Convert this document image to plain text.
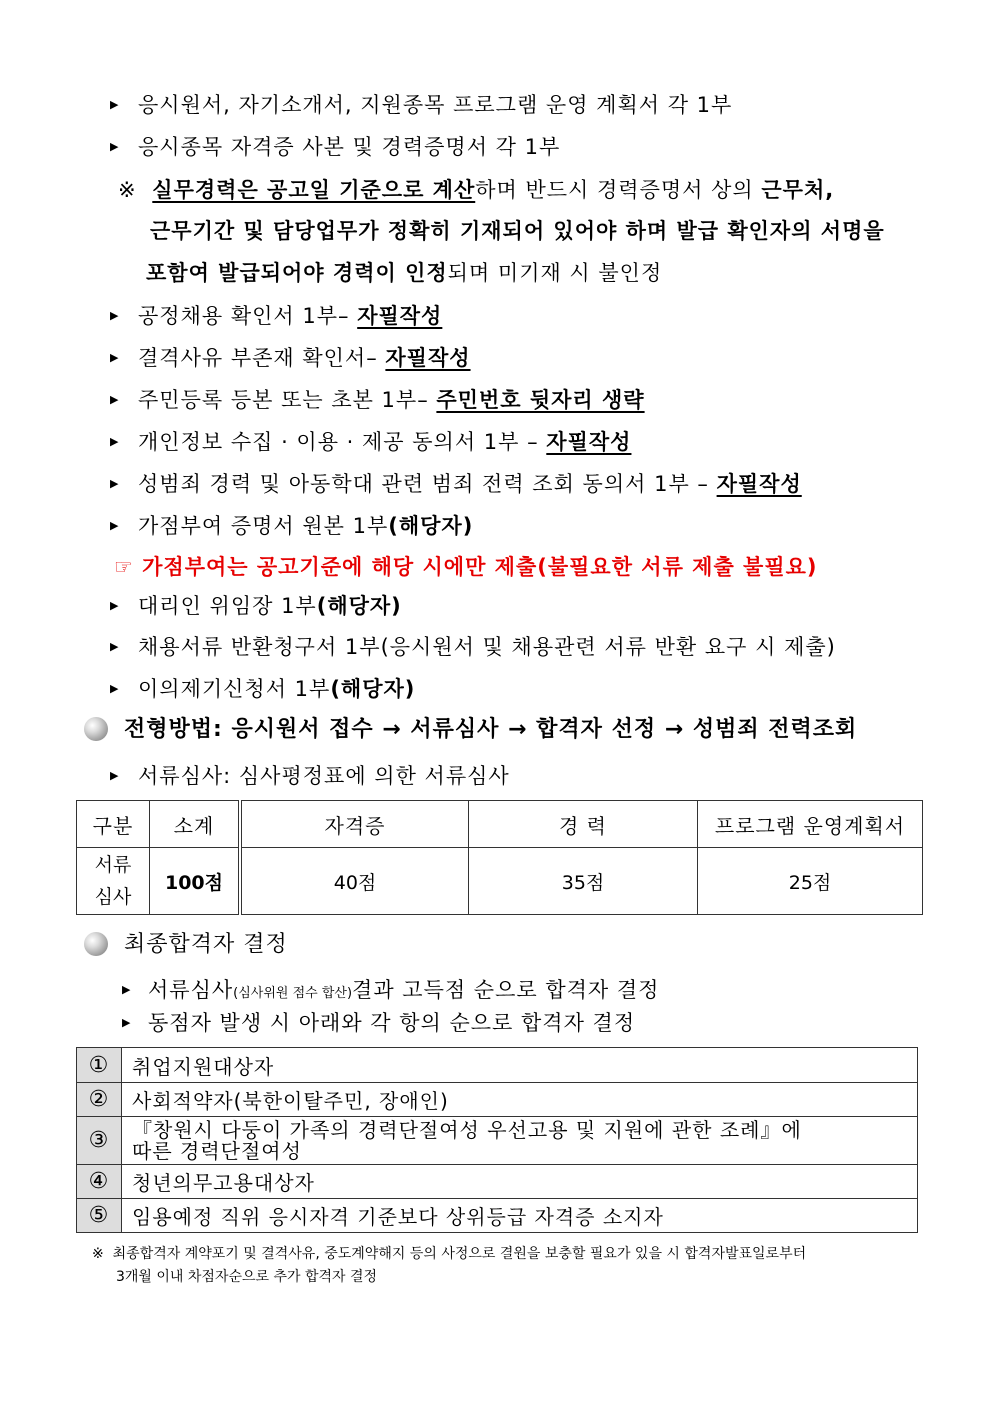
▶ 응시원서, 자기소개서, 지원종목 프로그램 운영 계획서 각 1부
▶ 응시종목 자격증 사본 및 경력증명서 각 1부
※ 실무경력은 공고일 기준으로 계산하며 반드시 경력증명서 상의 근무처,
근무기간 및 담당업무가 정확히 기재되어 있어야 하며 발급 확인자의 서명을
포함여 발급되어야 경력이 인정되며 미기재 시 불인정
▶ 공정채용 확인서 1부– 자필작성
▶ 결격사유 부존재 확인서– 자필작성
▶ 주민등록 등본 또는 초본 1부– 주민번호 뒷자리 생략
▶ 개인정보 수집 · 이용 · 제공 동의서 1부 – 자필작성
▶ 성범죄 경력 및 아동학대 관련 범죄 전력 조회 동의서 1부 – 자필작성
▶ 가점부여 증명서 원본 1부(해당자)
☞ 가점부여는 공고기준에 해당 시에만 제출(불필요한 서류 제출 불필요)
▶ 대리인 위임장 1부(해당자)
▶ 채용서류 반환청구서 1부(응시원서 및 채용관련 서류 반환 요구 시 제출)
▶ 이의제기신청서 1부(해당자)
전형방법: 응시원서 접수 → 서류심사 → 합격자 선정 → 성범죄 전력조회
▶ 서류심사: 심사평정표에 의한 서류심사
구분	소계	자격증	경 력	프로그램 운영계획서
서류
심사	100점	40점	35점	25점
최종합격자 결정
▶ 서류심사(심사위원 점수 합산)결과 고득점 순으로 합격자 결정
▶ 동점자 발생 시 아래와 각 항의 순으로 합격자 결정
①	취업지원대상자
②	사회적약자(북한이탈주민, 장애인)
③	『창원시 다둥이 가족의 경력단절여성 우선고용 및 지원에 관한 조례』에
따른 경력단절여성
④	청년의무고용대상자
⑤	임용예정 직위 응시자격 기준보다 상위등급 자격증 소지자
※ 최종합격자 계약포기 및 결격사유, 중도계약해지 등의 사정으로 결원을 보충할 필요가 있을 시 합격자발표일로부터
3개월 이내 차점자순으로 추가 합격자 결정
